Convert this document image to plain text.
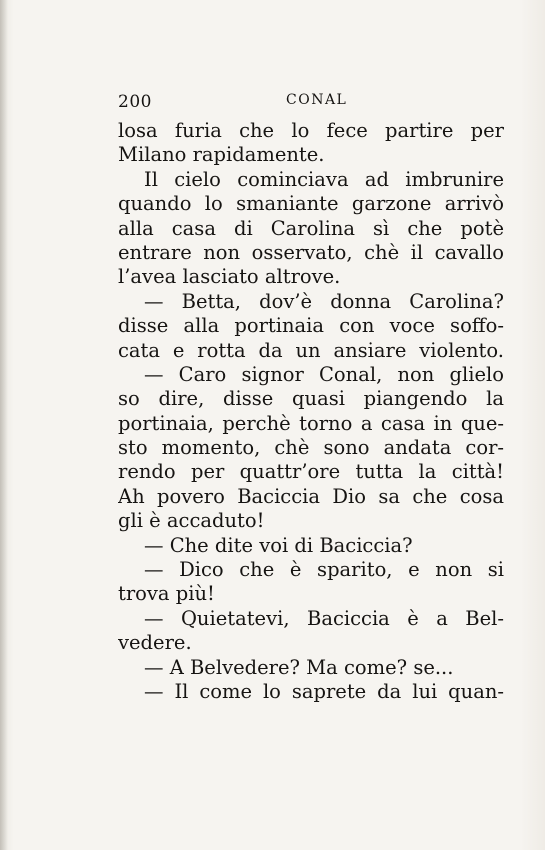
200	CONAL
losa furia che lo fece partire per
Milano rapidamente.
Il cielo cominciava ad imbrunire
quando lo smaniante garzone arrivò
alla casa di Carolina sì che potè
entrare non osservato, chè il cavallo
l’avea lasciato altrove.
— Betta, dov’è donna Carolina?
disse alla portinaia con voce soffo-
cata e rotta da un ansiare violento.
— Caro signor Conal, non glielo
so dire, disse quasi piangendo la
portinaia, perchè torno a casa in que-
sto momento, chè sono andata cor-
rendo per quattr’ore tutta la città!
Ah povero Baciccia Dio sa che cosa
gli è accaduto!
— Che dite voi di Baciccia?
— Dico che è sparito, e non si
trova più!
— Quietatevi, Baciccia è a Bel-
vedere.
— A Belvedere? Ma come? se...
— Il come lo saprete da lui quan-
